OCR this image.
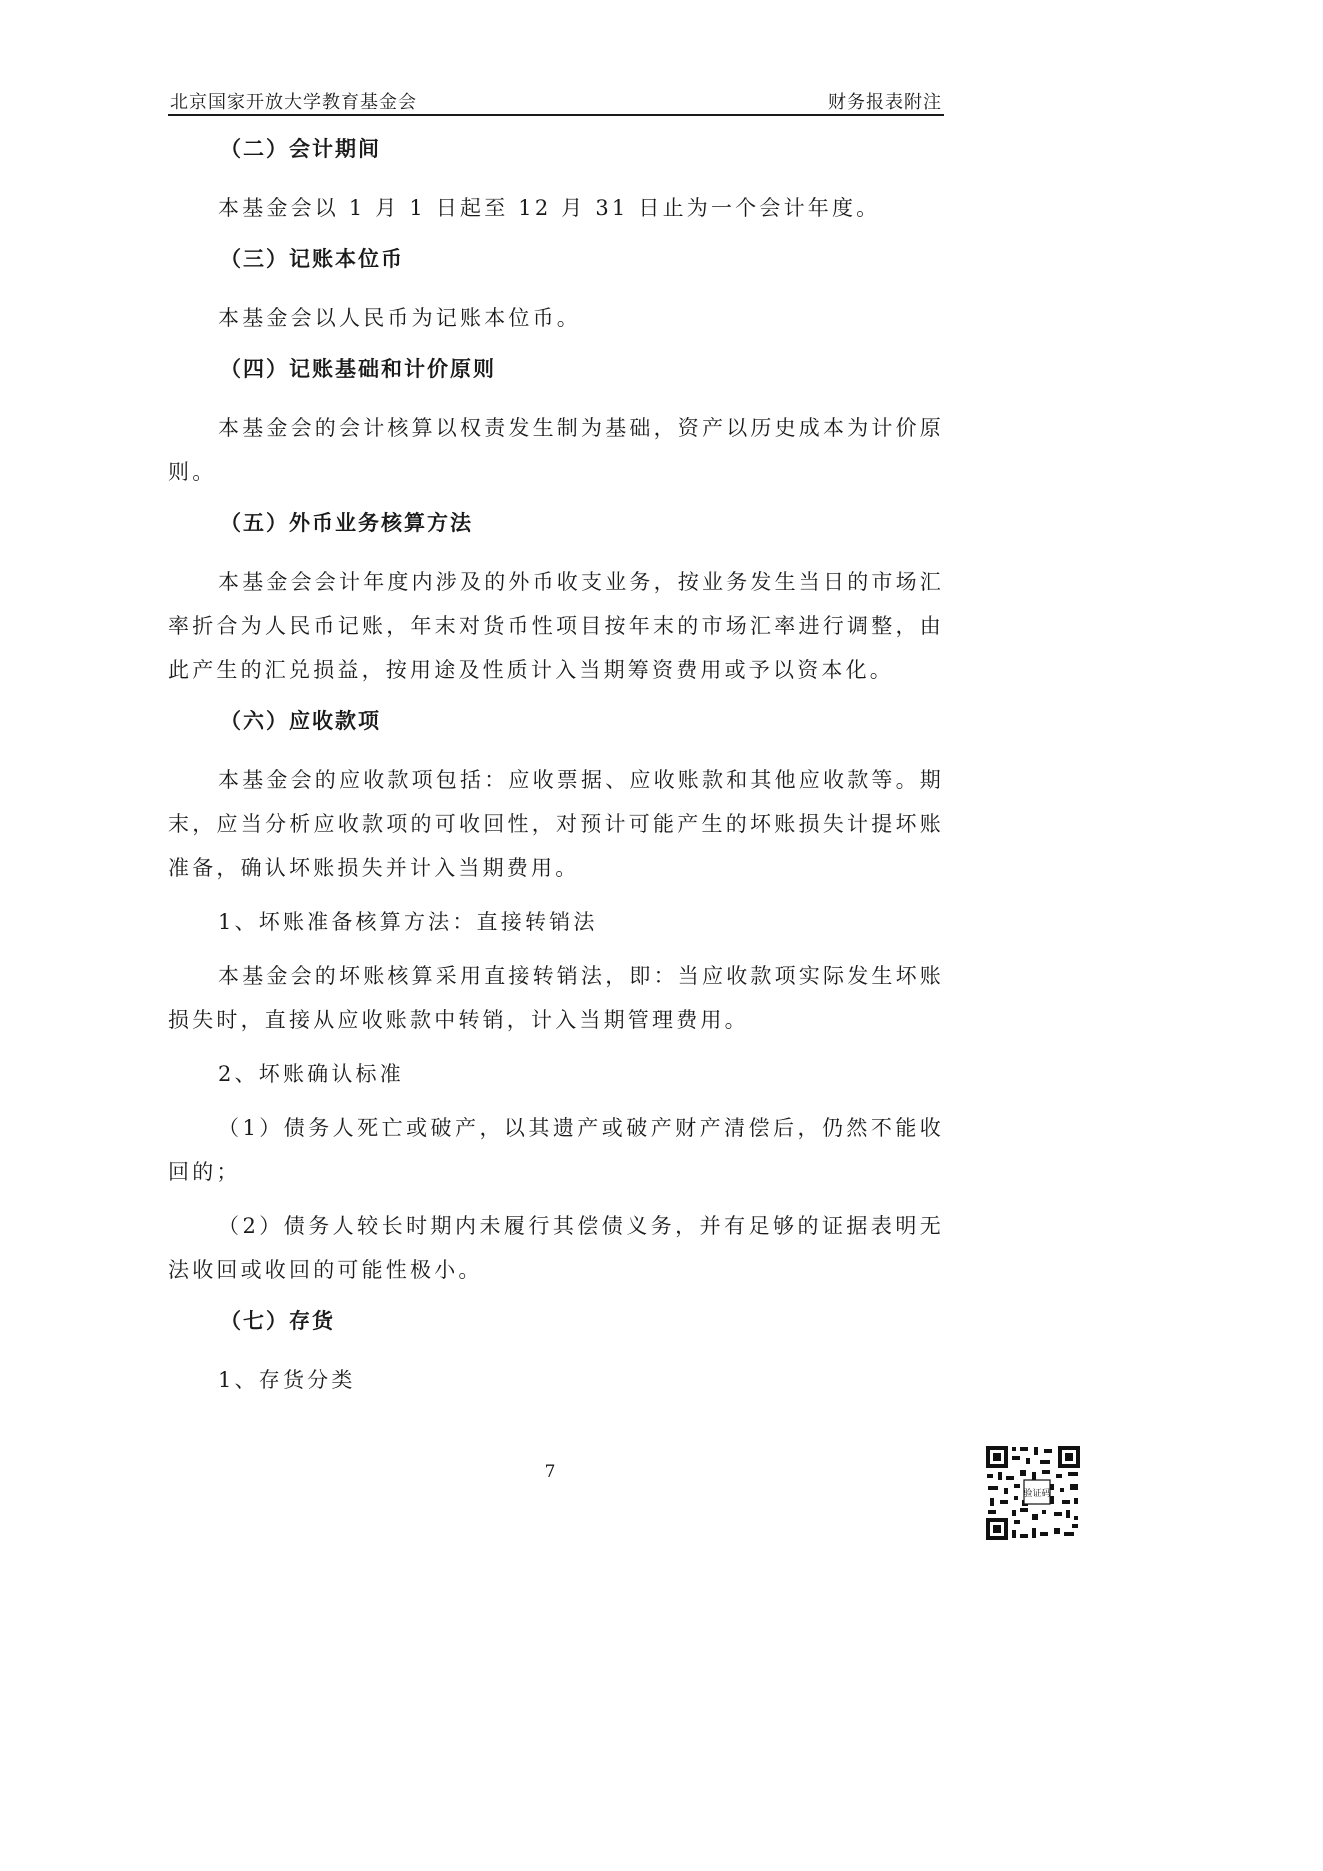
北京国家开放大学教育基金会	财务报表附注
（二）会计期间

本基金会以 1 月 1 日起至 12 月 31 日止为一个会计年度。

（三）记账本位币

本基金会以人民币为记账本位币。

（四）记账基础和计价原则

本基金会的会计核算以权责发生制为基础，资产以历史成本为计价原则。

（五）外币业务核算方法

本基金会会计年度内涉及的外币收支业务，按业务发生当日的市场汇率折合为人民币记账，年末对货币性项目按年末的市场汇率进行调整，由此产生的汇兑损益，按用途及性质计入当期筹资费用或予以资本化。

（六）应收款项

本基金会的应收款项包括：应收票据、应收账款和其他应收款等。期末，应当分析应收款项的可收回性，对预计可能产生的坏账损失计提坏账准备，确认坏账损失并计入当期费用。

1、坏账准备核算方法：直接转销法

本基金会的坏账核算采用直接转销法，即：当应收款项实际发生坏账损失时，直接从应收账款中转销，计入当期管理费用。

2、坏账确认标准

（1）债务人死亡或破产，以其遗产或破产财产清偿后，仍然不能收回的；

（2）债务人较长时期内未履行其偿债义务，并有足够的证据表明无法收回或收回的可能性极小。

（七）存货

1、存货分类

7
验证码
